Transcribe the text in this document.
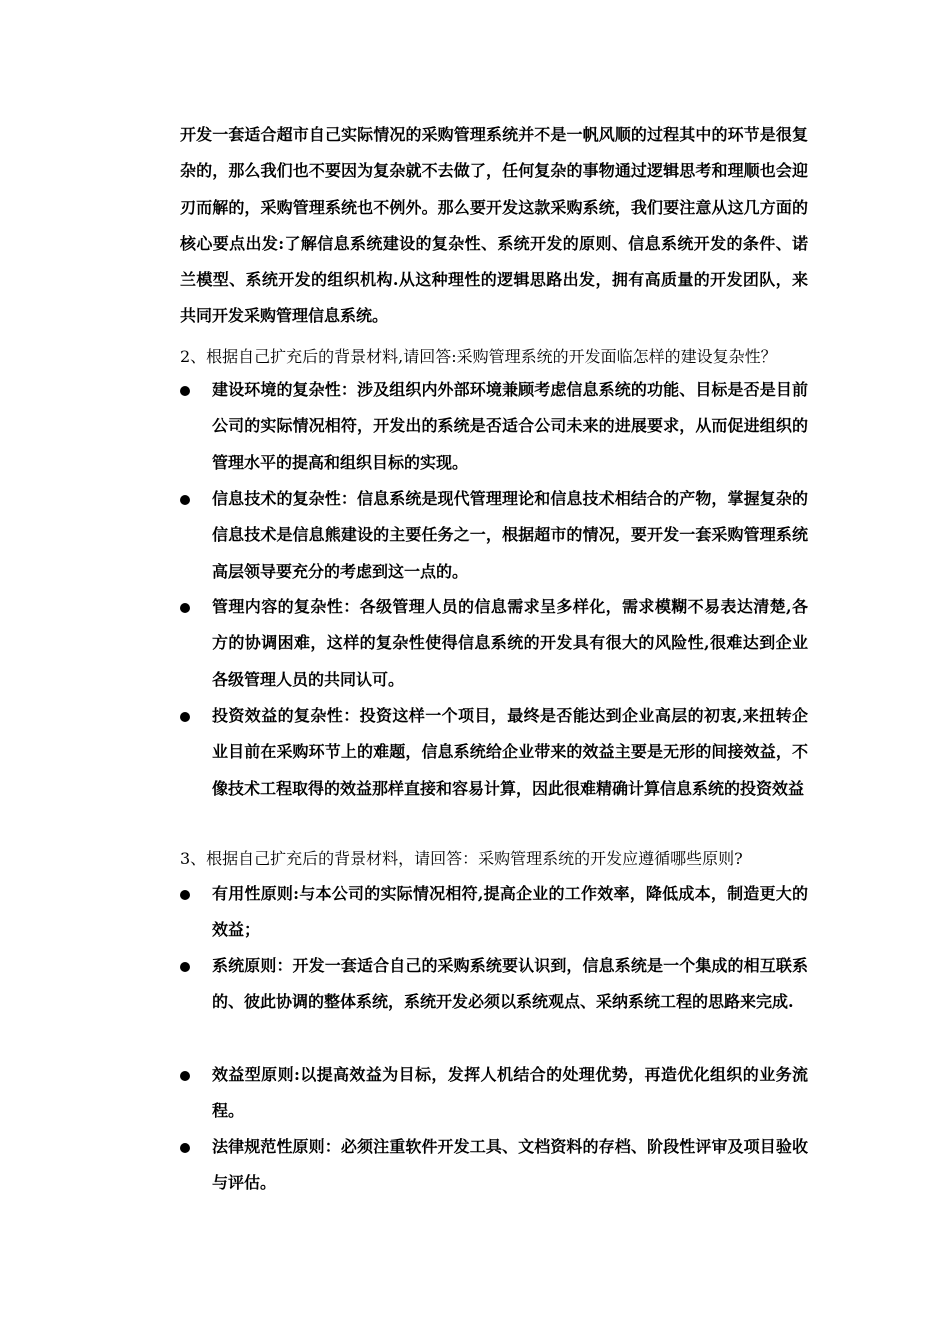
开发一套适合超市自己实际情况的采购管理系统并不是一帆风顺的过程其中的环节是很复杂的，那么我们也不要因为复杂就不去做了，任何复杂的事物通过逻辑思考和理顺也会迎刃而解的，采购管理系统也不例外。那么要开发这款采购系统，我们要注意从这几方面的核心要点出发:了解信息系统建设的复杂性、系统开发的原则、信息系统开发的条件、诺兰模型、系统开发的组织机构.从这种理性的逻辑思路出发，拥有高质量的开发团队，来共同开发采购管理信息系统。
2、根据自己扩充后的背景材料,请回答:采购管理系统的开发面临怎样的建设复杂性？
建设环境的复杂性：涉及组织内外部环境兼顾考虑信息系统的功能、目标是否是目前公司的实际情况相符，开发出的系统是否适合公司未来的进展要求，从而促进组织的管理水平的提高和组织目标的实现。
信息技术的复杂性：信息系统是现代管理理论和信息技术相结合的产物，掌握复杂的信息技术是信息熊建设的主要任务之一，根据超市的情况，要开发一套采购管理系统高层领导要充分的考虑到这一点的。
管理内容的复杂性：各级管理人员的信息需求呈多样化，需求模糊不易表达清楚,各方的协调困难，这样的复杂性使得信息系统的开发具有很大的风险性,很难达到企业各级管理人员的共同认可。
投资效益的复杂性：投资这样一个项目，最终是否能达到企业高层的初衷,来扭转企业目前在采购环节上的难题，信息系统给企业带来的效益主要是无形的间接效益，不像技术工程取得的效益那样直接和容易计算，因此很难精确计算信息系统的投资效益
3、根据自己扩充后的背景材料，请回答：采购管理系统的开发应遵循哪些原则?
有用性原则:与本公司的实际情况相符,提高企业的工作效率，降低成本，制造更大的效益；
系统原则：开发一套适合自己的采购系统要认识到，信息系统是一个集成的相互联系的、彼此协调的整体系统，系统开发必须以系统观点、采纳系统工程的思路来完成.
效益型原则:以提高效益为目标，发挥人机结合的处理优势，再造优化组织的业务流程。
法律规范性原则：必须注重软件开发工具、文档资料的存档、阶段性评审及项目验收与评估。
